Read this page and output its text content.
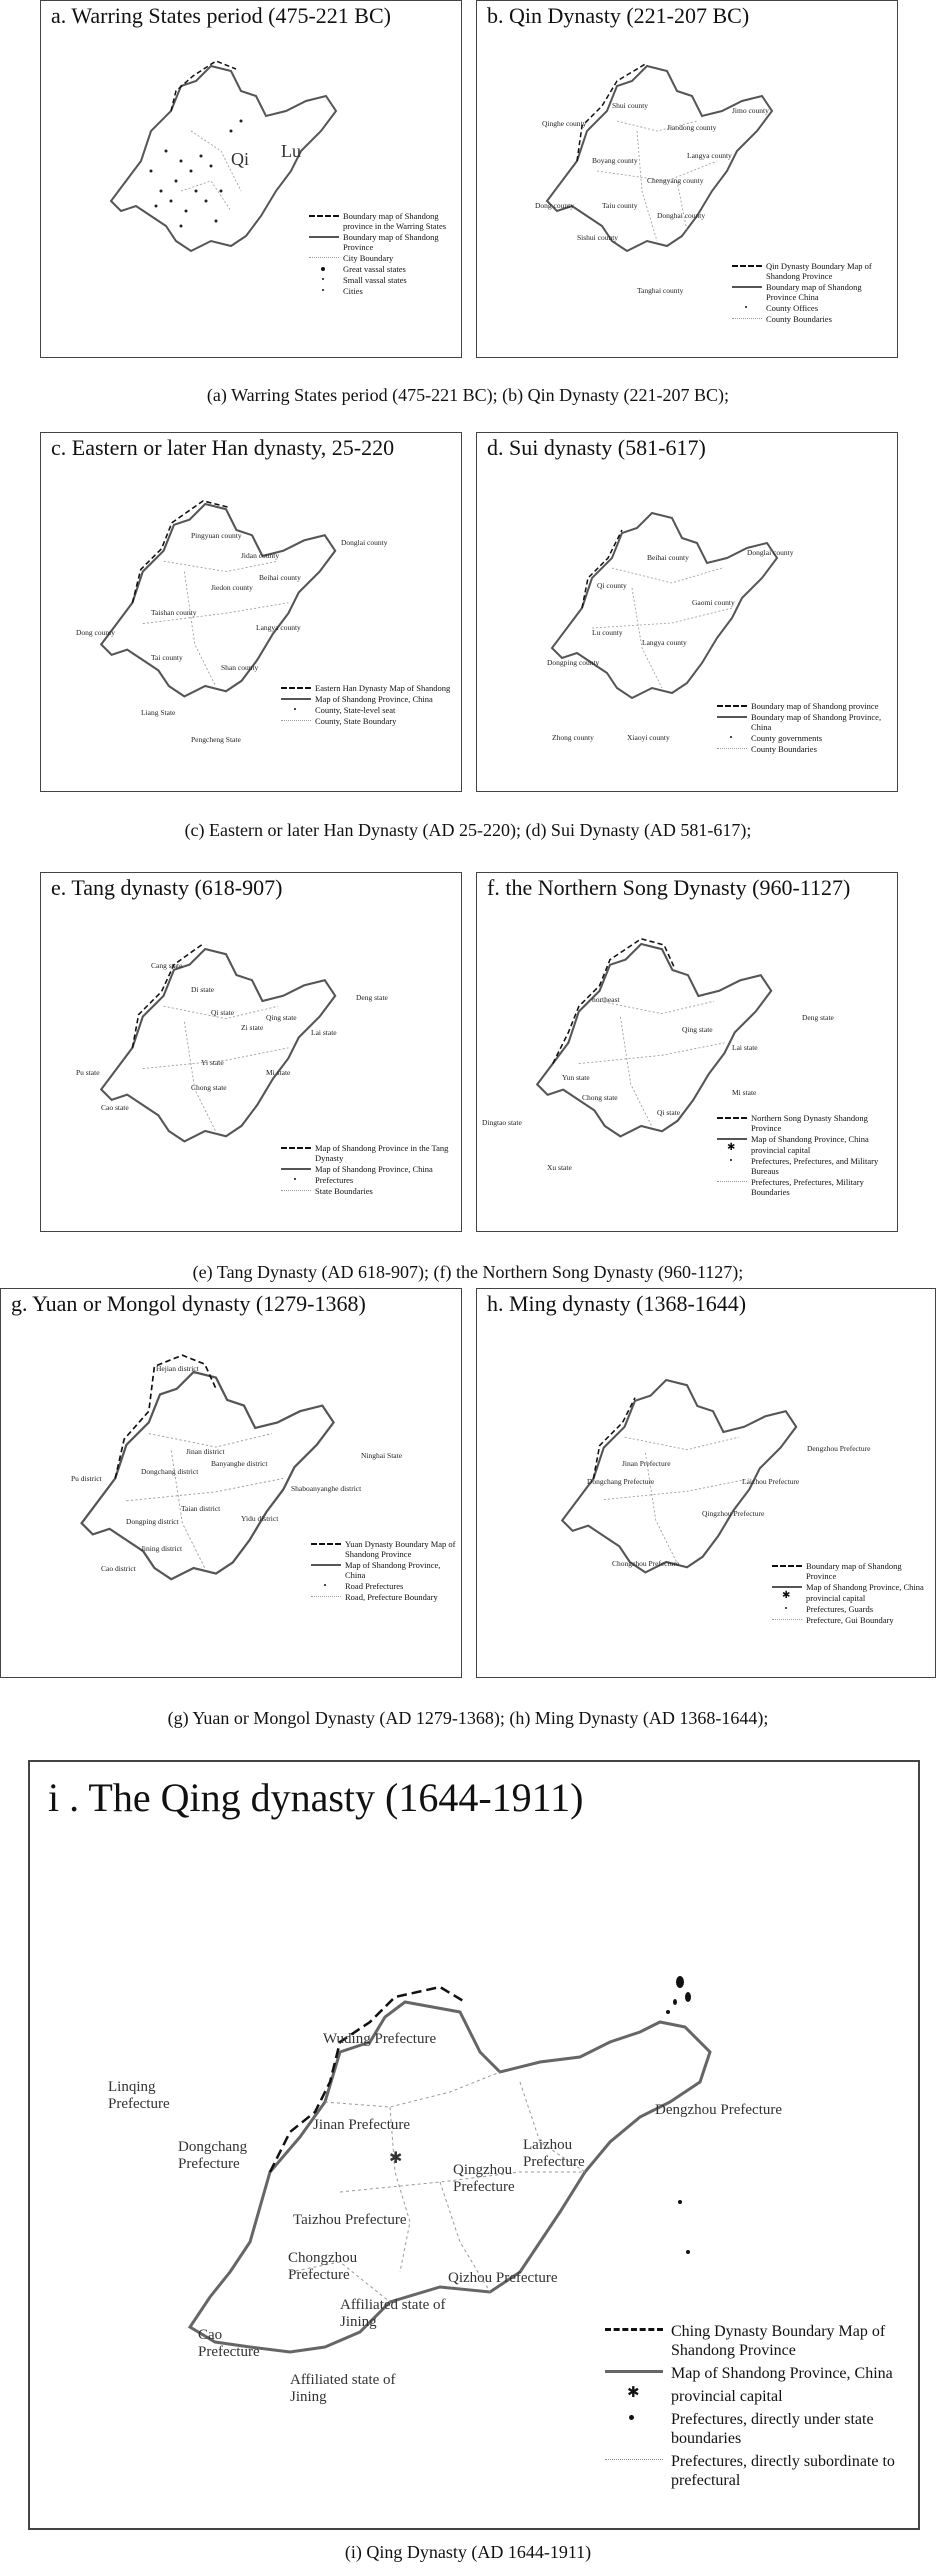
a. Warring States period (475-221 BC)
Qi Lu
Boundary map of Shandong province in the Warring States
Boundary map of Shandong Province
City Boundary
Great vassal states
Small vassal states
Cities
b. Qin Dynasty (221-207 BC)
Shui county
Jimo county
Jiaodong county
Langya county
Chengyang county
Taiu county
Sishui county
Donghai county
Tanghai county
Dong county
Boyang county
Qinghe county
Qin Dynasty Boundary Map of Shandong Province
Boundary map of Shandong Province China
County Offices
County Boundaries
(a) Warring States period (475-221 BC); (b) Qin Dynasty (221-207 BC);
c. Eastern or later Han dynasty, 25-220
Pingyuan county
Jidan county
Beihai county
Donglai county
Jiedon county
Langya county
Taishan county
Dong county
Tai county
Shan county
Liang State
Pengcheng State
Eastern Han Dynasty Map of Shandong
Map of Shandong Province, China
County, State-level seat
County, State Boundary
d. Sui dynasty (581-617)
Beihai county
Donglai county
Qi county
Gaomi county
Lu county
Langya county
Zhong county	Xiaoyi county
Dongping county
Boundary map of Shandong province
Boundary map of Shandong Province, China
County governments
County Boundaries
(c) Eastern or later Han Dynasty (AD 25-220); (d) Sui Dynasty (AD 581-617);
e. Tang dynasty (618-907)
Cang state
Di state
Qi state
Qing state
Lai state
Deng state
Zi state
Mi state
Yi state
Chong state
Cao state
Pu state
Map of Shandong Province in the Tang Dynasty
Map of Shandong Province, China
Prefectures
State Boundaries
f. the Northern Song Dynasty (960-1127)
northeast
Qing state
Deng state
Lai state
Qi state
Mi state
Chong state
Yun state
Dingtao state
Xu state
Northern Song Dynasty Shandong Province
Map of Shandong Province, China
✱ provincial capital
Prefectures, Prefectures, and Military Bureaus
Prefectures, Prefectures, Military Boundaries
(e) Tang Dynasty (AD 618-907); (f) the Northern Song Dynasty (960-1127);
g. Yuan or Mongol dynasty (1279-1368)
Hejian district
Jinan district
Yidu district
Banyanghe district
Ninghai State
Shaboanyanghe district
Pu district
Taian district
Jining district
Cao district
Dongping district
Dongchang district
Yuan Dynasty Boundary Map of Shandong Province
Map of Shandong Province, China
Road Prefectures
Road, Prefecture Boundary
h. Ming dynasty (1368-1644)
Jinan Prefecture
Dongchang Prefecture	Laizhou Prefecture
Dengzhou Prefecture
Qingzhou Prefecture
Chongzhou Prefecture	Boundary map of Shandong Province
Map of Shandong Province, China
✱ provincial capital
Prefectures, Guards
Prefecture, Gui Boundary
(g) Yuan or Mongol Dynasty (AD 1279-1368); (h) Ming Dynasty (AD 1368-1644);
i . The Qing dynasty (1644-1911)
✱
Wuding Prefecture
Linqing Prefecture
Jinan Prefecture
Dongchang Prefecture
Laizhou Prefecture
Dengzhou Prefecture
Qingzhou Prefecture
Taizhou Prefecture
Chongzhou Prefecture	Qizhou Prefecture
Cao Prefecture
Affiliated state of Jining
Affiliated state of Jining
Ching Dynasty Boundary Map of Shandong Province
Map of Shandong Province, China
✱ provincial capital
Prefectures, directly under state boundaries
Prefectures, directly subordinate to prefectural
(i) Qing Dynasty (AD 1644-1911)
